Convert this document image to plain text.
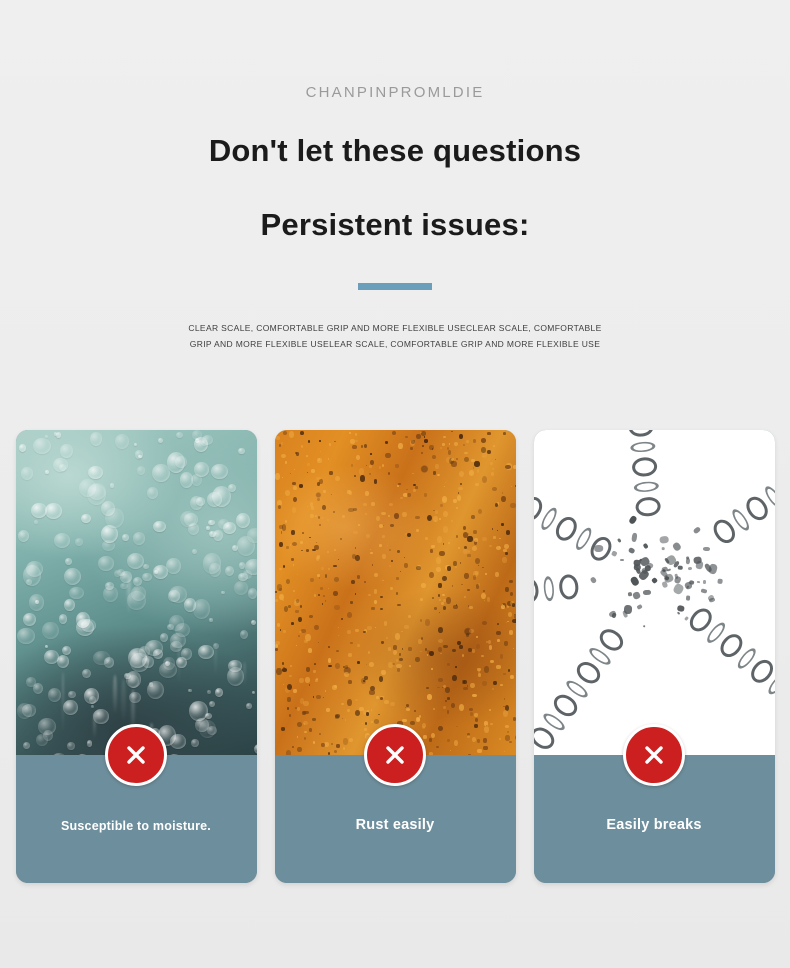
CHANPINPROMLDIE
Don't let these questions
Persistent issues:
CLEAR SCALE, COMFORTABLE GRIP AND MORE FLEXIBLE USECLEAR SCALE, COMFORTABLE GRIP AND MORE FLEXIBLE USELEAR SCALE, COMFORTABLE GRIP AND MORE FLEXIBLE USE
Susceptible to moisture.	Rust easily	Easily breaks
